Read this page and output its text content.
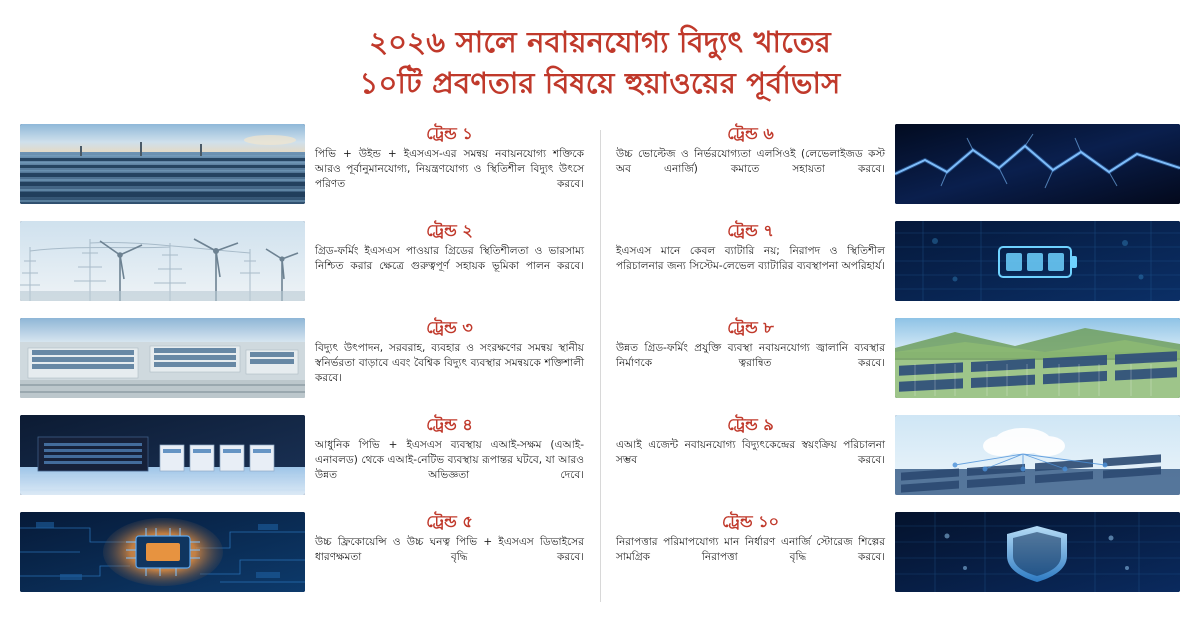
২০২৬ সালে নবায়নযোগ্য বিদ্যুৎ খাতের
১০টি প্রবণতার বিষয়ে হুয়াওয়ের পূর্বাভাস
ট্রেন্ড ১
পিভি + উইন্ড + ইএসএস-এর সমন্বয় নবায়নযোগ্য শক্তিকে আরও পূর্বানুমানযোগ্য, নিয়ন্ত্রণযোগ্য ও স্থিতিশীল বিদ্যুৎ উৎসে পরিণত করবে।
ট্রেন্ড ২
গ্রিড-ফর্মিং ইএসএস পাওয়ার গ্রিডের স্থিতিশীলতা ও ভারসাম্য নিশ্চিত করার ক্ষেত্রে গুরুত্বপূর্ণ সহায়ক ভূমিকা পালন করবে।
ট্রেন্ড ৩
বিদ্যুৎ উৎপাদন, সরবরাহ, ব্যবহার ও সংরক্ষণের সমন্বয় স্থানীয় স্বনির্ভরতা বাড়াবে এবং বৈশ্বিক বিদ্যুৎ ব্যবস্থার সমন্বয়কে শক্তিশালী করবে।
ট্রেন্ড ৪
আধুনিক পিভি + ইএসএস ব্যবস্থায় এআই-সক্ষম (এআই-এনাবলড) থেকে এআই-নেটিভ ব্যবস্থায় রূপান্তর ঘটবে, যা আরও উন্নত অভিজ্ঞতা দেবে।
ট্রেন্ড ৫
উচ্চ ফ্রিকোয়েন্সি ও উচ্চ ঘনত্ব পিভি + ইএসএস ডিভাইসের ধারণক্ষমতা বৃদ্ধি করবে।
ট্রেন্ড ৬
উচ্চ ভোল্টেজ ও নির্ভরযোগ্যতা এলসিওই (লেভেলাইজড কস্ট অব এনার্জি) কমাতে সহায়তা করবে।
ট্রেন্ড ৭
ইএসএস মানে কেবল ব্যাটারি নয়; নিরাপদ ও স্থিতিশীল পরিচালনার জন্য সিস্টেম-লেভেল ব্যাটারির ব্যবস্থাপনা অপরিহার্য।
ট্রেন্ড ৮
উন্নত গ্রিড-ফর্মিং প্রযুক্তি ব্যবস্থা নবায়নযোগ্য জ্বালানি ব্যবস্থার নির্মাণকে ত্বরান্বিত করবে।
ট্রেন্ড ৯
এআই এজেন্ট নবায়নযোগ্য বিদ্যুৎকেন্দ্রের স্বয়ংক্রিয় পরিচালনা সম্ভব করবে।
ট্রেন্ড ১০
নিরাপত্তার পরিমাপযোগ্য মান নির্ধারণ এনার্জি স্টোরেজ শিল্পের সামগ্রিক নিরাপত্তা বৃদ্ধি করবে।
